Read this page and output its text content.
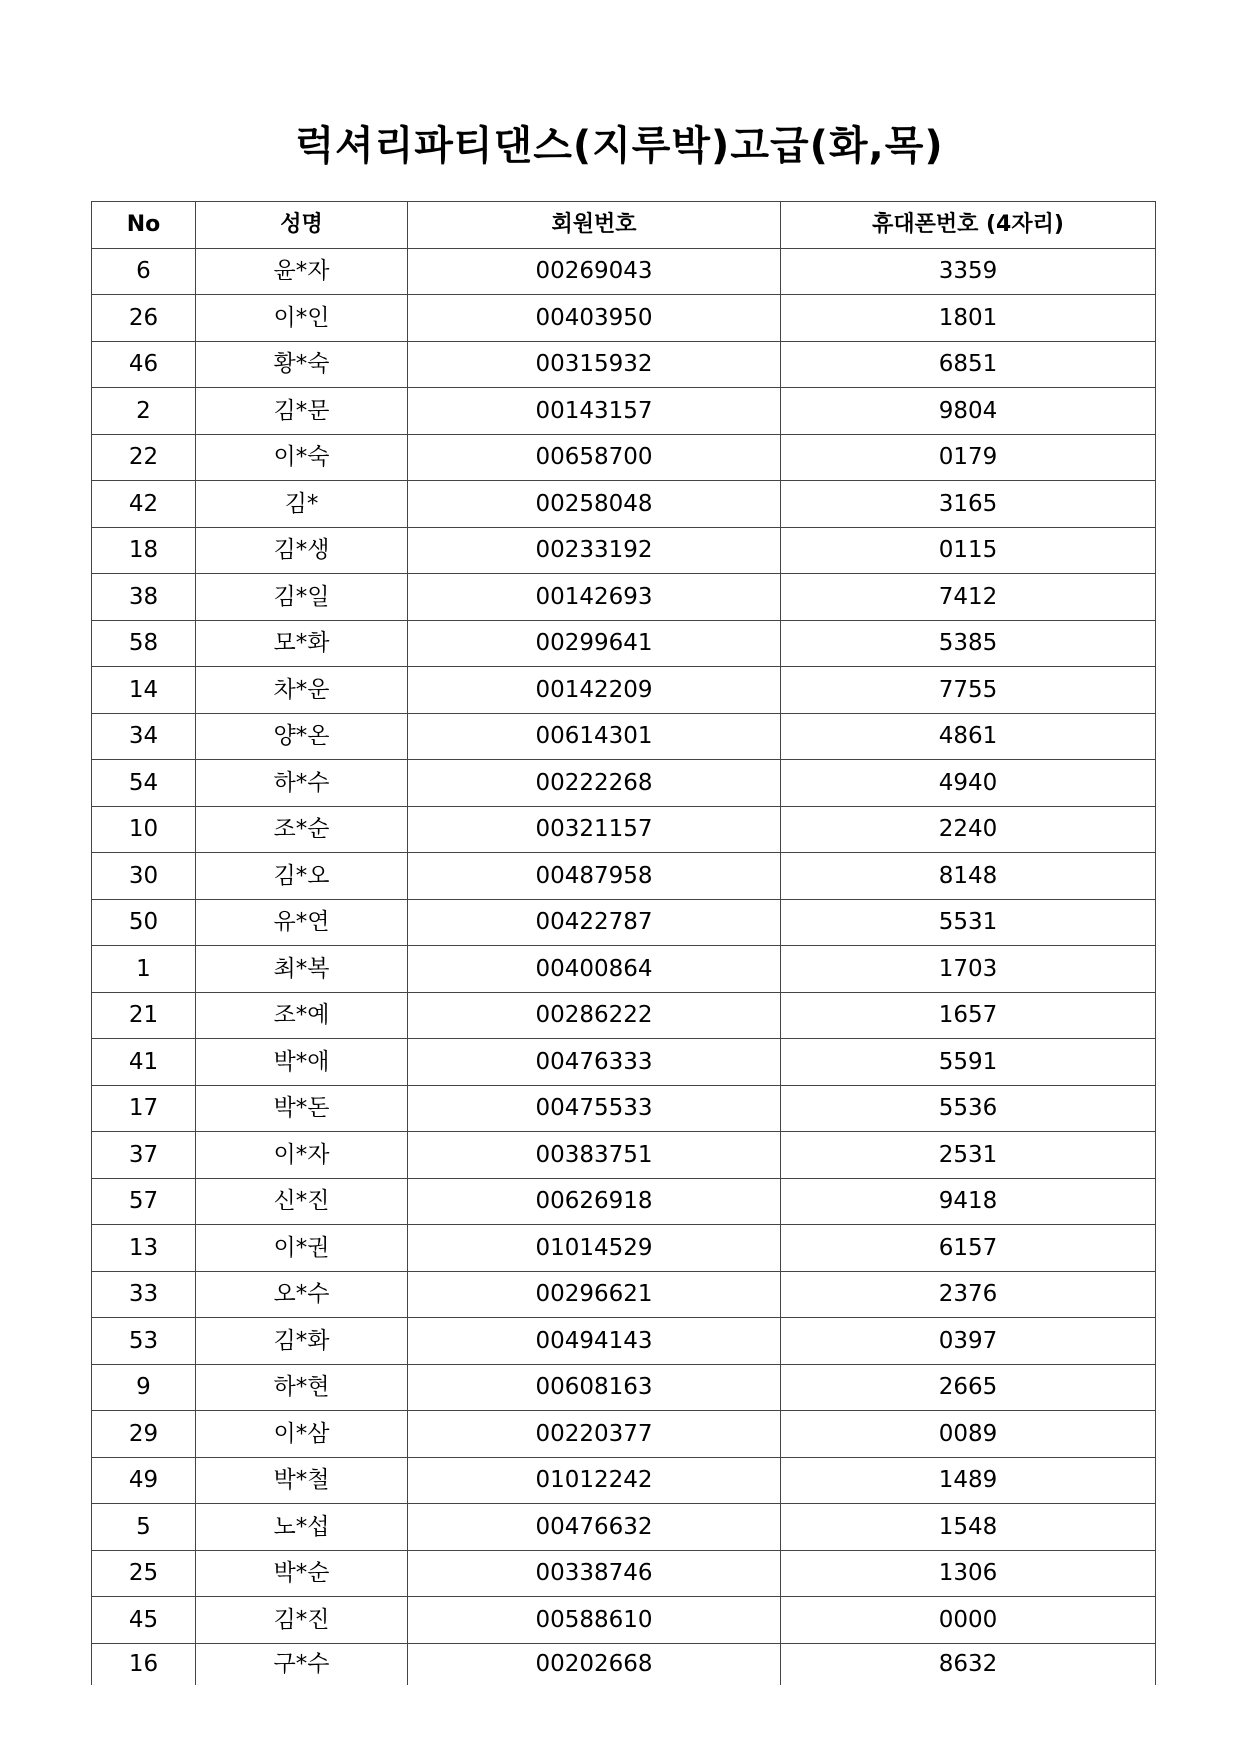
럭셔리파티댄스(지루박)고급(화,목)
No	성명	회원번호	휴대폰번호 (4자리)
6	윤*자	00269043	3359
26	이*인	00403950	1801
46	황*숙	00315932	6851
2	김*문	00143157	9804
22	이*숙	00658700	0179
42	김*	00258048	3165
18	김*생	00233192	0115
38	김*일	00142693	7412
58	모*화	00299641	5385
14	차*운	00142209	7755
34	양*온	00614301	4861
54	하*수	00222268	4940
10	조*순	00321157	2240
30	김*오	00487958	8148
50	유*연	00422787	5531
1	최*복	00400864	1703
21	조*예	00286222	1657
41	박*애	00476333	5591
17	박*돈	00475533	5536
37	이*자	00383751	2531
57	신*진	00626918	9418
13	이*권	01014529	6157
33	오*수	00296621	2376
53	김*화	00494143	0397
9	하*현	00608163	2665
29	이*삼	00220377	0089
49	박*철	01012242	1489
5	노*섭	00476632	1548
25	박*순	00338746	1306
45	김*진	00588610	0000
16	구*수	00202668	8632
